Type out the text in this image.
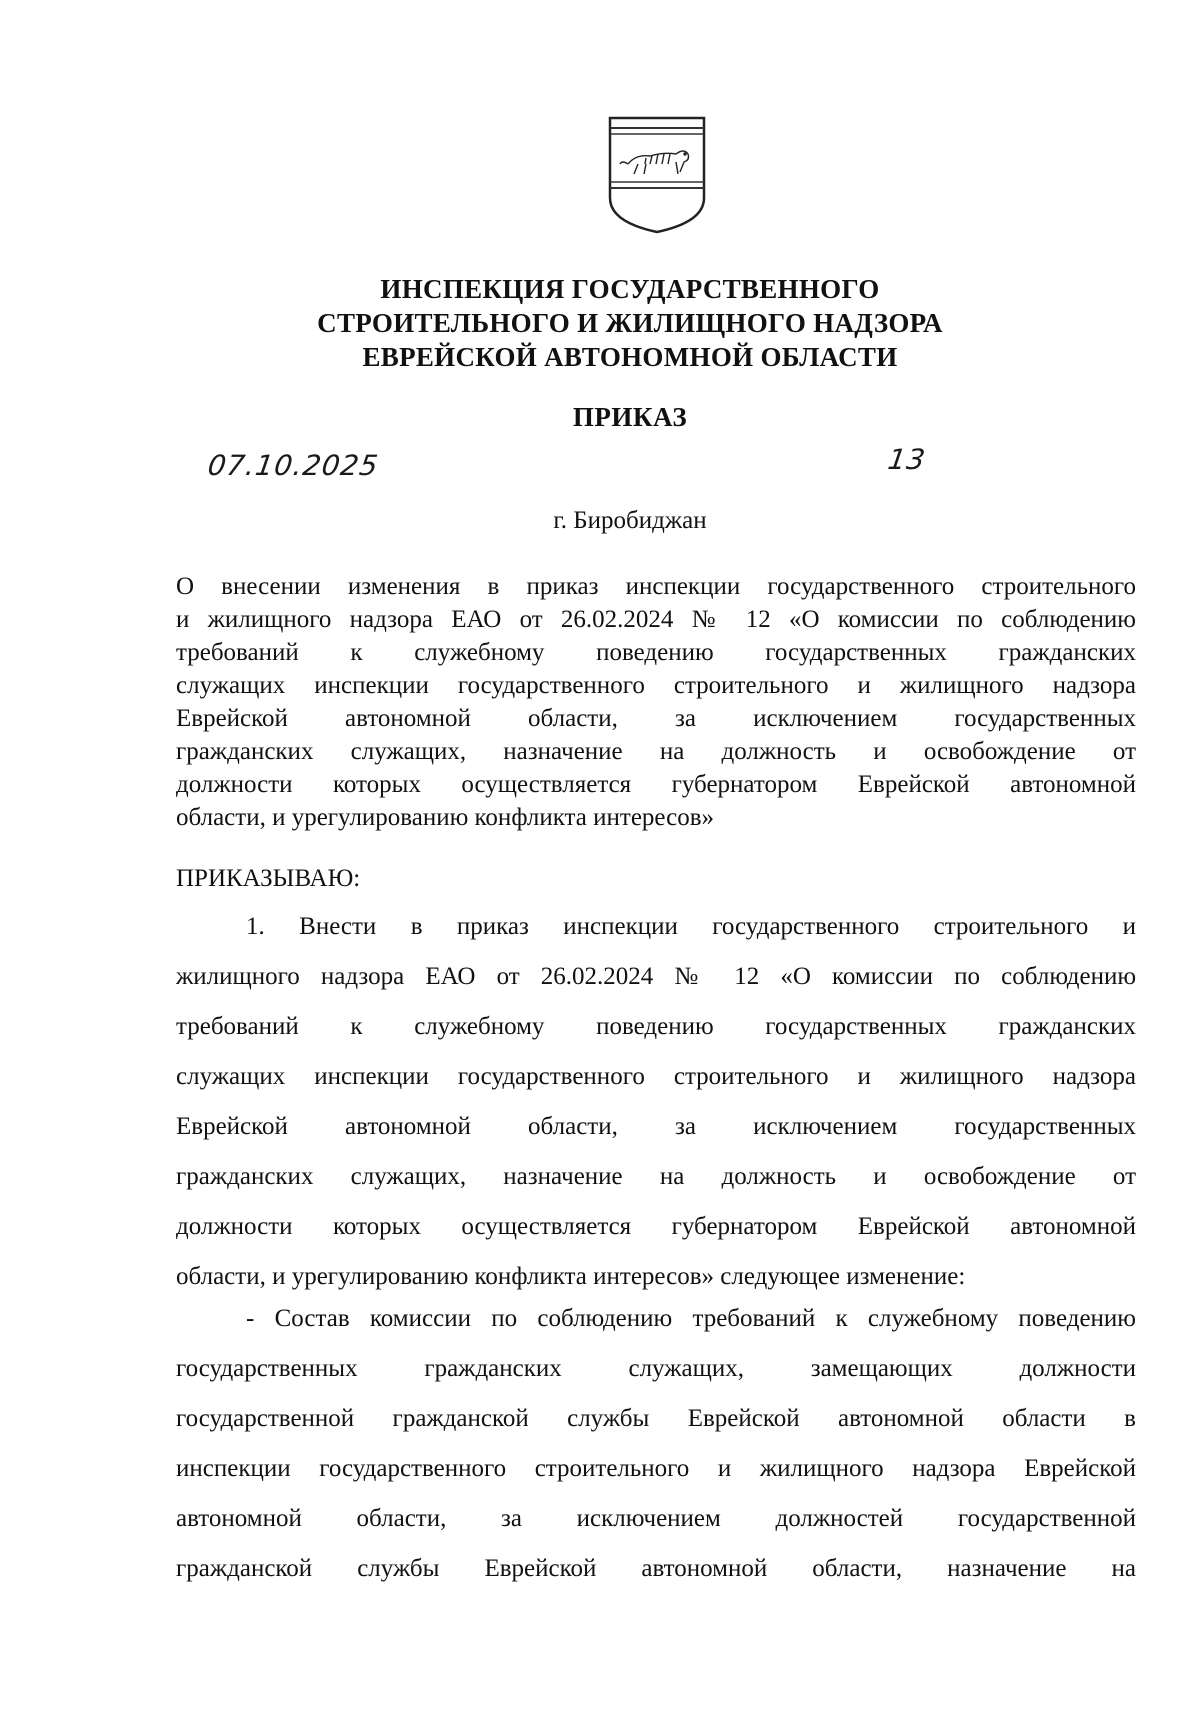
ИНСПЕКЦИЯ ГОСУДАРСТВЕННОГО
СТРОИТЕЛЬНОГО И ЖИЛИЩНОГО НАДЗОРА
ЕВРЕЙСКОЙ АВТОНОМНОЙ ОБЛАСТИ
ПРИКАЗ
07.10.2025	13
г. Биробиджан
О внесении изменения в приказ инспекции государственного строительного
и жилищного надзора ЕАО от 26.02.2024 № 12 «О комиссии по соблюдению
требований к служебному поведению государственных гражданских
служащих инспекции государственного строительного и жилищного надзора
Еврейской автономной области, за исключением государственных
гражданских служащих, назначение на должность и освобождение от
должности которых осуществляется губернатором Еврейской автономной
области, и урегулированию конфликта интересов»
ПРИКАЗЫВАЮ:
1. Внести в приказ инспекции государственного строительного и
жилищного надзора ЕАО от 26.02.2024 № 12 «О комиссии по соблюдению
требований к служебному поведению государственных гражданских
служащих инспекции государственного строительного и жилищного надзора
Еврейской автономной области, за исключением государственных
гражданских служащих, назначение на должность и освобождение от
должности которых осуществляется губернатором Еврейской автономной
области, и урегулированию конфликта интересов» следующее изменение:
- Состав комиссии по соблюдению требований к служебному поведению
государственных гражданских служащих, замещающих должности
государственной гражданской службы Еврейской автономной области в
инспекции государственного строительного и жилищного надзора Еврейской
автономной области, за исключением должностей государственной
гражданской службы Еврейской автономной области, назначение на
